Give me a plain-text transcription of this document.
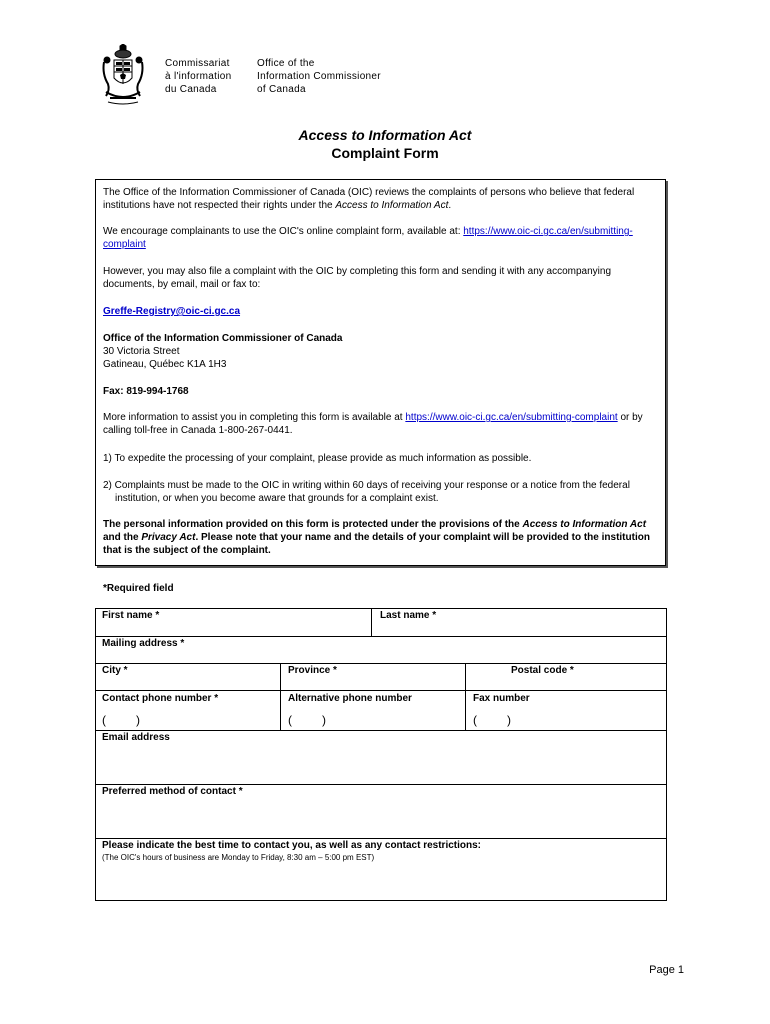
Commissariat
à l'information
du Canada
Office of the
Information Commissioner
of Canada
Access to Information Act
Complaint Form

The Office of the Information Commissioner of Canada (OIC) reviews the complaints of persons who believe that federal institutions have not respected their rights under the Access to Information Act.

We encourage complainants to use the OIC's online complaint form, available at: https://www.oic-ci.gc.ca/en/submitting-complaint

However, you may also file a complaint with the OIC by completing this form and sending it with any accompanying documents, by email, mail or fax to:

Greffe-Registry@oic-ci.gc.ca

Office of the Information Commissioner of Canada
30 Victoria Street
Gatineau, Québec K1A 1H3

Fax: 819-994-1768

More information to assist you in completing this form is available at https://www.oic-ci.gc.ca/en/submitting-complaint or by calling toll-free in Canada 1-800-267-0441.

1) To expedite the processing of your complaint, please provide as much information as possible.

2) Complaints must be made to the OIC in writing within 60 days of receiving your response or a notice from the federal institution, or when you become aware that grounds for a complaint exist.

The personal information provided on this form is protected under the provisions of the Access to Information Act and the Privacy Act. Please note that your name and the details of your complaint will be provided to the institution that is the subject of the complaint.

*Required field
First name *	Last name *
Mailing address *
City *	Province *	Postal code *
Contact phone number *	Alternative phone number	Fax number
(         )	(         )	(         )
Email address
Preferred method of contact *
Please indicate the best time to contact you, as well as any contact restrictions:
(The OIC's hours of business are Monday to Friday, 8:30 am – 5:00 pm EST)
Page 1
